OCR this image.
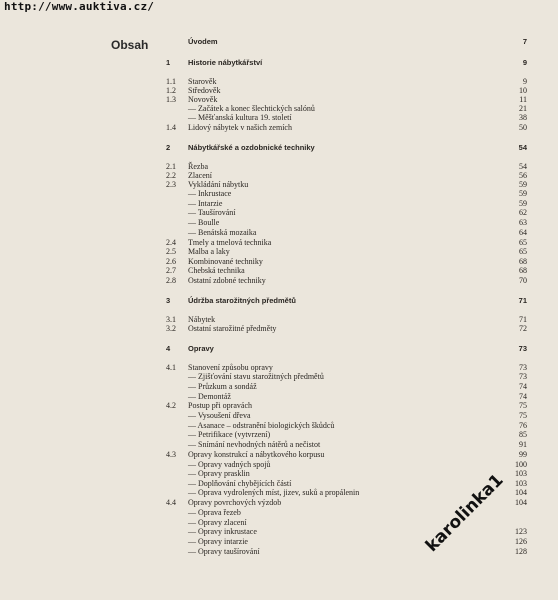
http://www.auktiva.cz/
Obsah	Úvodem	7
1 Historie nábytkářství	9
1.1 Starověk	9
1.2 Středověk	10
1.3 Novověk	11
— Začátek a konec šlechtických salónů	21
— Měšťanská kultura 19. století	38
1.4 Lidový nábytek v našich zemích	50
2 Nábytkářské a ozdobnické techniky	54
2.1 Řezba	54
2.2 Zlacení	56
2.3 Vykládání nábytku	59
— Inkrustace	59
— Intarzie	59
— Taušírování	62
— Boulle	63
— Benátská mozaika	64
2.4 Tmely a tmelová technika	65
2.5 Malba a laky	65
2.6 Kombinované techniky	68
2.7 Chebská technika	68
2.8 Ostatní zdobné techniky	70
3 Údržba starožitných předmětů	71
3.1 Nábytek	71
3.2 Ostatní starožitné předměty	72
4 Opravy	73
4.1 Stanovení způsobu opravy	73
— Zjišťování stavu starožitných předmětů	73
— Průzkum a sondáž	74
— Demontáž	74
4.2 Postup při opravách	75
— Vysoušení dřeva	75
— Asanace – odstranění biologických škůdců	76
— Petrifikace (vytvrzení)	85
— Snímání nevhodných nátěrů a nečistot	91
4.3 Opravy konstrukcí a nábytkového korpusu	99
— Opravy vadných spojů	100
— Opravy prasklin	103
— Doplňování chybějících částí	103
— Oprava vydrolených míst, jizev, suků a propálenin	104
4.4 Opravy povrchových výzdob	104
— Oprava řezeb
— Opravy zlacení
— Opravy inkrustace	123
— Opravy intarzie	126
— Opravy taušírování	128
karolinka1
